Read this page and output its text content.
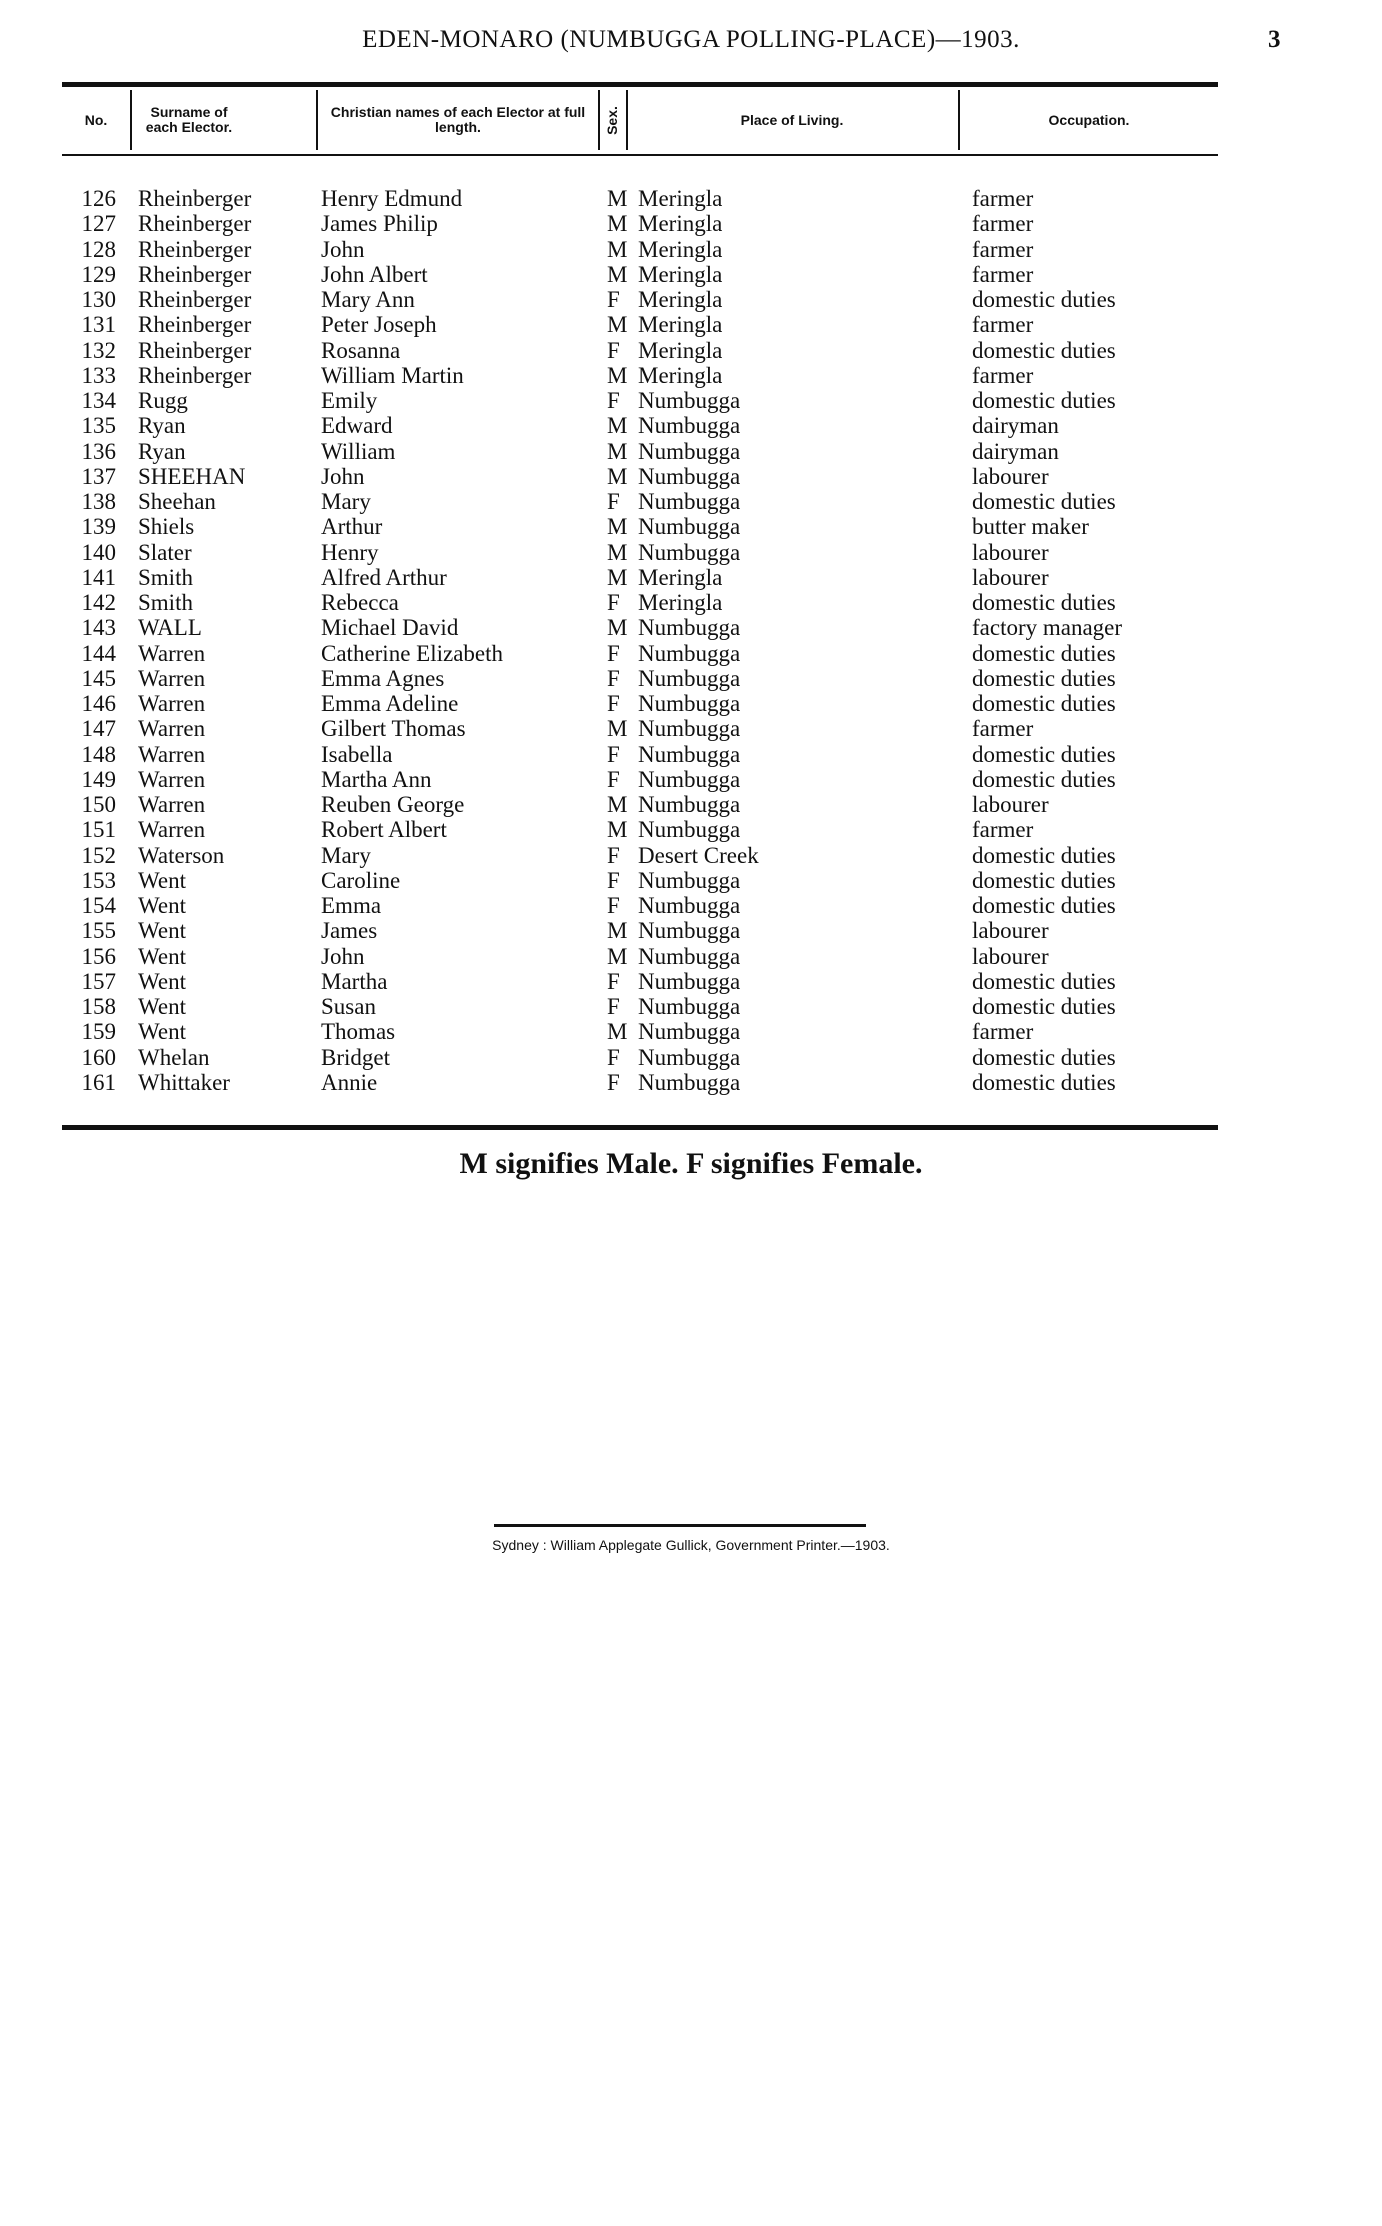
EDEN-MONARO (NUMBUGGA POLLING-PLACE)—1903.	3
No.	Surname of each Elector.
Christian names of each Elector at full length.	Sex.	Place of Living.	Occupation.
126 Rheinberger	Henry Edmund	M Meringla	farmer
127 Rheinberger	James Philip	M Meringla	farmer
128 Rheinberger	John	M Meringla	farmer
129 Rheinberger	John Albert	M Meringla	farmer
130 Rheinberger	Mary Ann	F Meringla	domestic duties
131 Rheinberger	Peter Joseph	M Meringla	farmer
132 Rheinberger	Rosanna	F Meringla	domestic duties
133 Rheinberger	William Martin	M Meringla	farmer
134 Rugg	Emily	F Numbugga	domestic duties
135 Ryan	Edward	M Numbugga	dairyman
136 Ryan	William	M Numbugga	dairyman
137 SHEEHAN	John	M Numbugga	labourer
138 Sheehan	Mary	F Numbugga	domestic duties
139 Shiels	Arthur	M Numbugga	butter maker
140 Slater	Henry	M Numbugga	labourer
141 Smith	Alfred Arthur	M Meringla	labourer
142 Smith	Rebecca	F Meringla	domestic duties
143 WALL	Michael David	M Numbugga	factory manager
144 Warren	Catherine Elizabeth	F Numbugga	domestic duties
145 Warren	Emma Agnes	F Numbugga	domestic duties
146 Warren	Emma Adeline	F Numbugga	domestic duties
147 Warren	Gilbert Thomas	M Numbugga	farmer
148 Warren	Isabella	F Numbugga	domestic duties
149 Warren	Martha Ann	F Numbugga	domestic duties
150 Warren	Reuben George	M Numbugga	labourer
151 Warren	Robert Albert	M Numbugga	farmer
152 Waterson	Mary	F Desert Creek	domestic duties
153 Went	Caroline	F Numbugga	domestic duties
154 Went	Emma	F Numbugga	domestic duties
155 Went	James	M Numbugga	labourer
156 Went	John	M Numbugga	labourer
157 Went	Martha	F Numbugga	domestic duties
158 Went	Susan	F Numbugga	domestic duties
159 Went	Thomas	M Numbugga	farmer
160 Whelan	Bridget	F Numbugga	domestic duties
161 Whittaker	Annie	F Numbugga	domestic duties
M signifies Male. F signifies Female.
Sydney : William Applegate Gullick, Government Printer.—1903.
